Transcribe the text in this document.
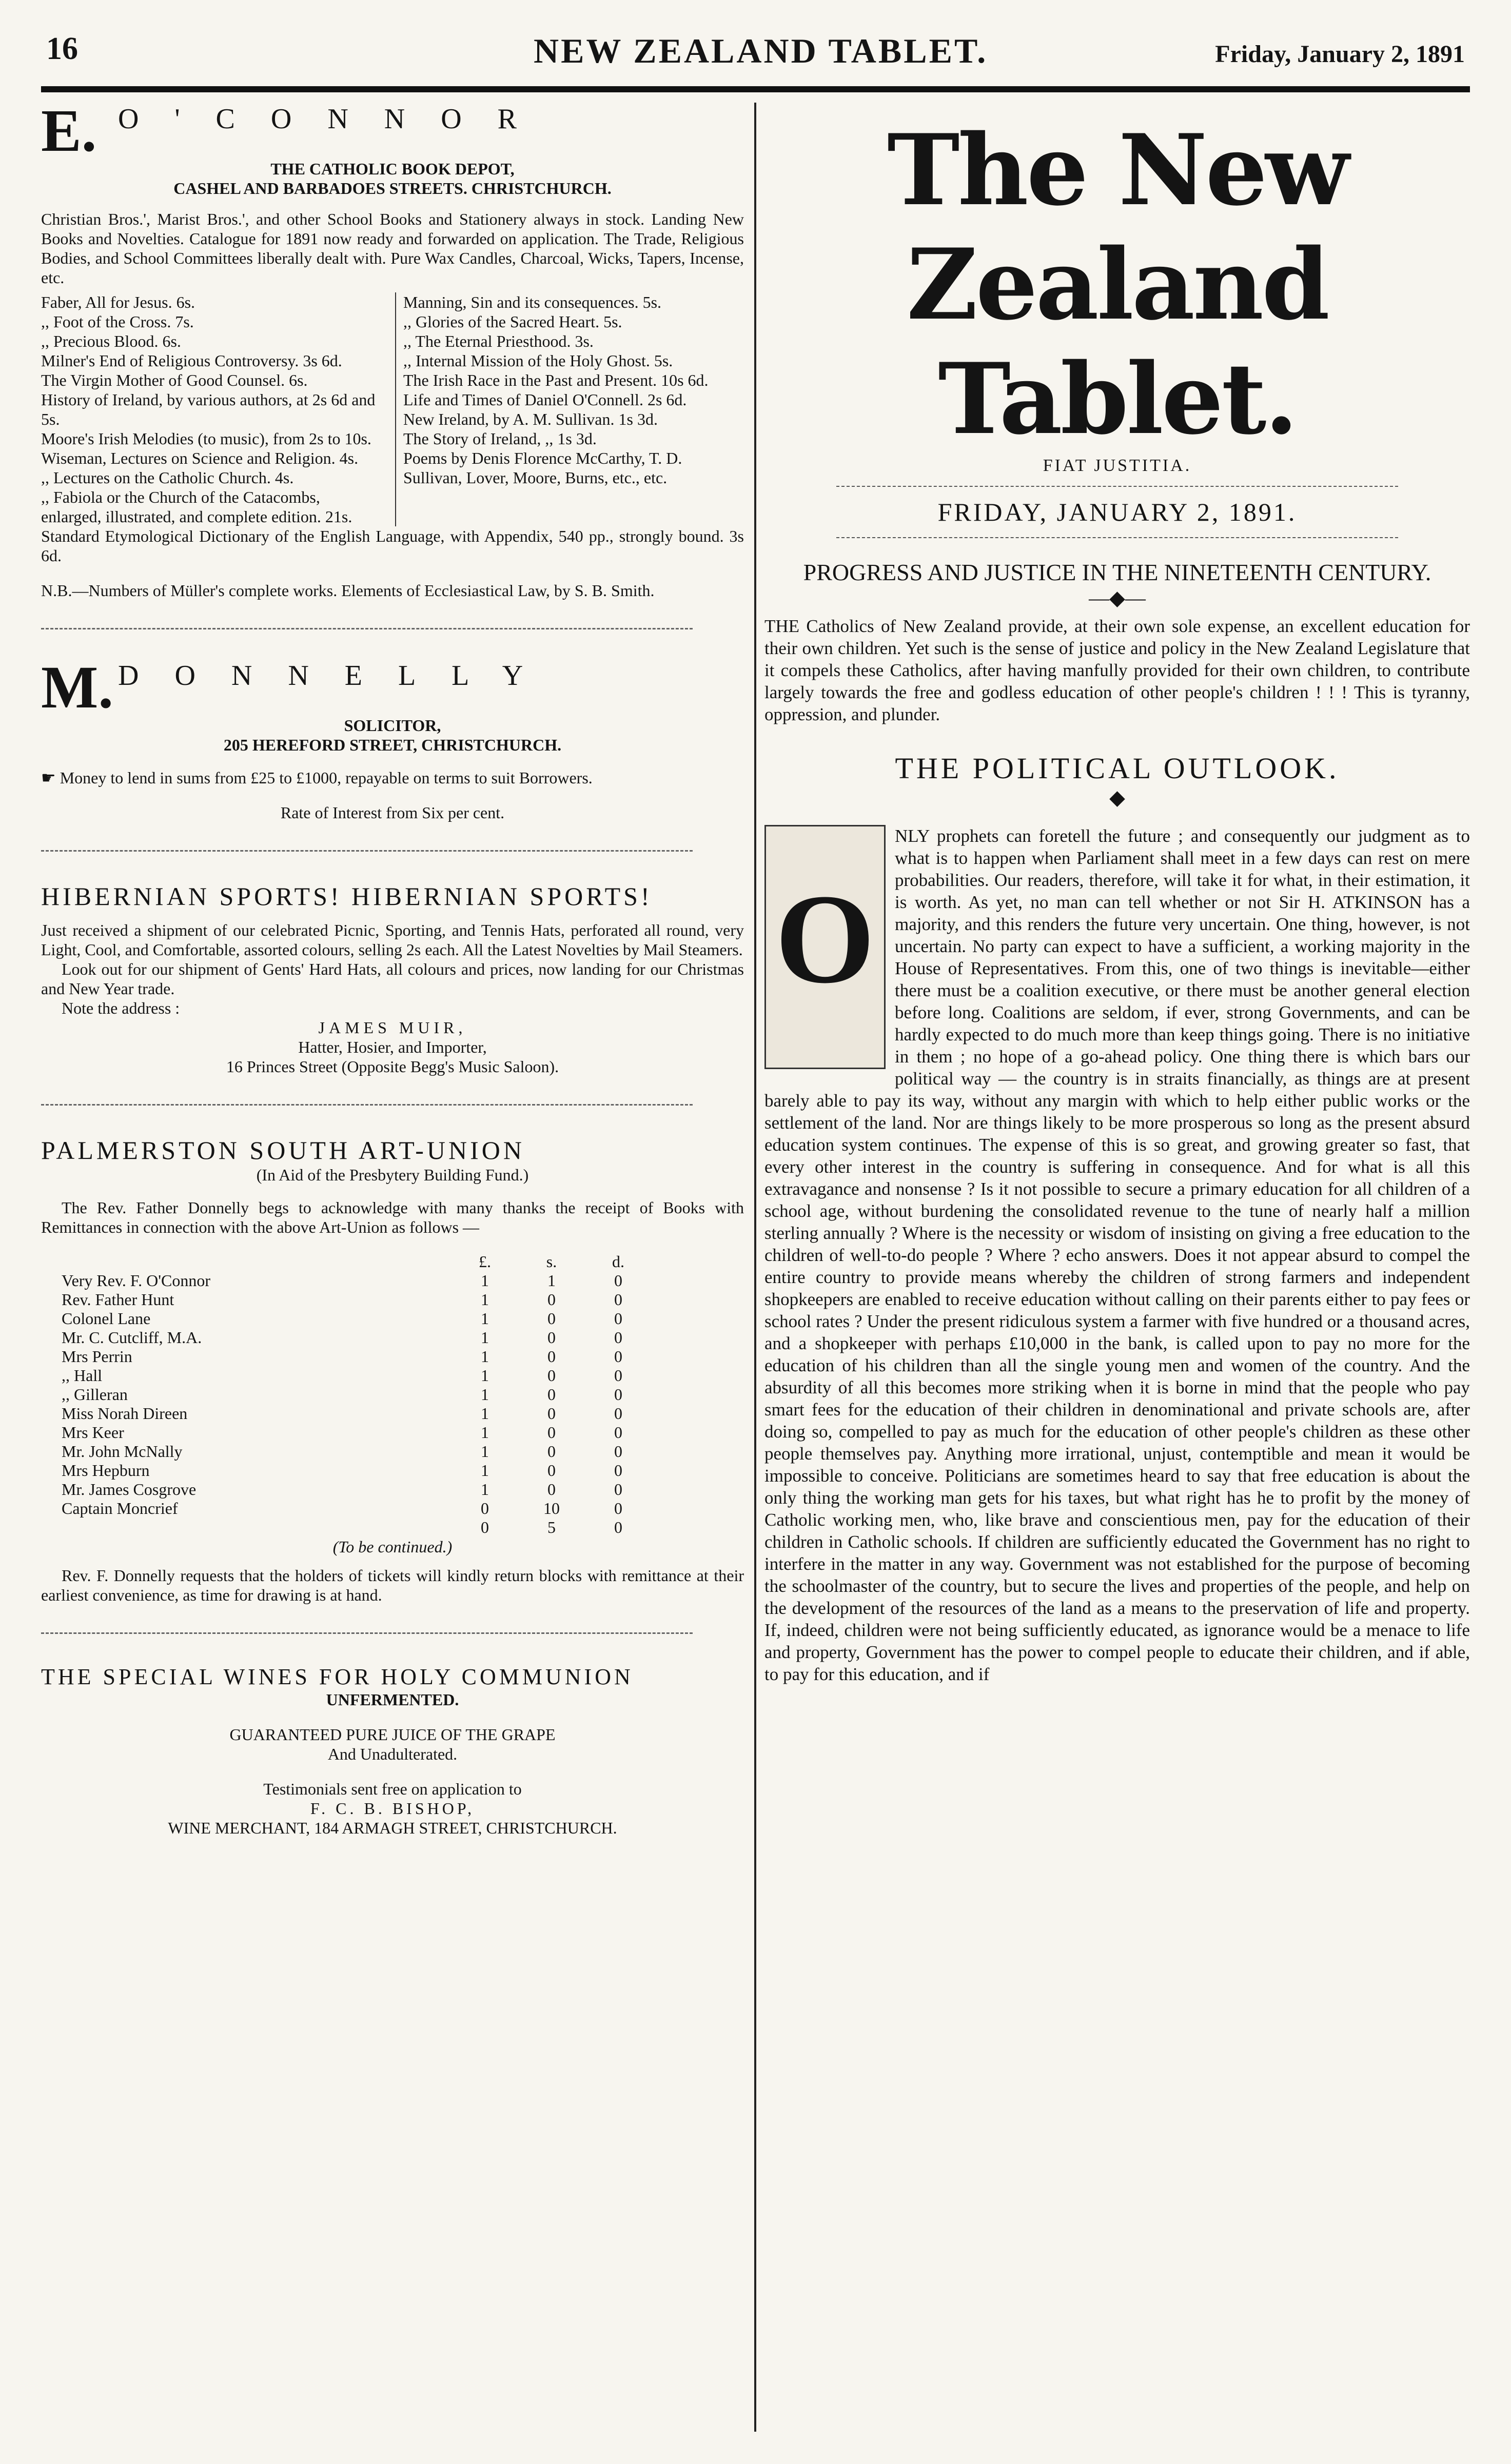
16	NEW ZEALAND TABLET.	Friday, January 2, 1891
E. O'CONNOR

THE CATHOLIC BOOK DEPOT,

CASHEL AND BARBADOES STREETS. CHRISTCHURCH.

Christian Bros.', Marist Bros.', and other School Books and Stationery always in stock. Landing New Books and Novelties. Catalogue for 1891 now ready and forwarded on application. The Trade, Religious Bodies, and School Committees liberally dealt with. Pure Wax Candles, Charcoal, Wicks, Tapers, Incense, etc.

Faber, All for Jesus. 6s.

,, Foot of the Cross. 7s.

,, Precious Blood. 6s.

Milner's End of Religious Controversy. 3s 6d.

The Virgin Mother of Good Counsel. 6s.

History of Ireland, by various authors, at 2s 6d and 5s.

Moore's Irish Melodies (to music), from 2s to 10s.

Wiseman, Lectures on Science and Religion. 4s.

,, Lectures on the Catholic Church. 4s.

,, Fabiola or the Church of the Catacombs, enlarged, illustrated, and complete edition. 21s.

Manning, Sin and its consequences. 5s.

,, Glories of the Sacred Heart. 5s.

,, The Eternal Priesthood. 3s.

,, Internal Mission of the Holy Ghost. 5s.

The Irish Race in the Past and Present. 10s 6d.

Life and Times of Daniel O'Connell. 2s 6d.

New Ireland, by A. M. Sullivan. 1s 3d.

The Story of Ireland, ,, 1s 3d.

Poems by Denis Florence McCarthy, T. D. Sullivan, Lover, Moore, Burns, etc., etc.

Standard Etymological Dictionary of the English Language, with Appendix, 540 pp., strongly bound. 3s 6d.

N.B.—Numbers of Müller's complete works. Elements of Ecclesiastical Law, by S. B. Smith.

M. DONNELLY

SOLICITOR,

205 HEREFORD STREET, CHRISTCHURCH.

☛ Money to lend in sums from £25 to £1000, repayable on terms to suit Borrowers.

Rate of Interest from Six per cent.

HIBERNIAN SPORTS! HIBERNIAN SPORTS!

Just received a shipment of our celebrated Picnic, Sporting, and Tennis Hats, perforated all round, very Light, Cool, and Comfortable, assorted colours, selling 2s each. All the Latest Novelties by Mail Steamers.

Look out for our shipment of Gents' Hard Hats, all colours and prices, now landing for our Christmas and New Year trade.

Note the address :

JAMES MUIR,

Hatter, Hosier, and Importer,

16 Princes Street (Opposite Begg's Music Saloon).

PALMERSTON SOUTH ART-UNION

(In Aid of the Presbytery Building Fund.)

The Rev. Father Donnelly begs to acknowledge with many thanks the receipt of Books with Remittances in connection with the above Art-Union as follows —

£.	s.	d.
Very Rev. F. O'Connor	1	1	0
Rev. Father Hunt	1	0	0
Colonel Lane	1	0	0
Mr. C. Cutcliff, M.A.	1	0	0
Mrs Perrin	1	0	0
,, Hall	1	0	0
,, Gilleran	1	0	0
Miss Norah Direen	1	0	0
Mrs Keer	1	0	0
Mr. John McNally	1	0	0
Mrs Hepburn	1	0	0
Mr. James Cosgrove	1	0	0
Captain Moncrief	0	10	0
0	5	0

(To be continued.)

Rev. F. Donnelly requests that the holders of tickets will kindly return blocks with remittance at their earliest convenience, as time for drawing is at hand.

THE SPECIAL WINES FOR HOLY COMMUNION

UNFERMENTED.

GUARANTEED PURE JUICE OF THE GRAPE

And Unadulterated.

Testimonials sent free on application to

F. C. B. BISHOP,

WINE MERCHANT, 184 ARMAGH STREET, CHRISTCHURCH.

The New Zealand Tablet.

FIAT JUSTITIA.

FRIDAY, JANUARY 2, 1891.

PROGRESS AND JUSTICE IN THE NINETEENTH CENTURY.

—◆—

THE Catholics of New Zealand provide, at their own sole expense, an excellent education for their own children. Yet such is the sense of justice and policy in the New Zealand Legislature that it compels these Catholics, after having manfully provided for their own children, to contribute largely towards the free and godless education of other people's children ! ! ! This is tyranny, oppression, and plunder.

THE POLITICAL OUTLOOK.

◆

O

NLY prophets can foretell the future ; and consequently our judgment as to what is to happen when Parliament shall meet in a few days can rest on mere probabilities. Our readers, therefore, will take it for what, in their estimation, it is worth. As yet, no man can tell whether or not Sir H. ATKINSON has a majority, and this renders the future very uncertain. One thing, however, is not uncertain. No party can expect to have a sufficient, a working majority in the House of Representatives. From this, one of two things is inevitable—either there must be a coalition executive, or there must be another general election before long. Coalitions are seldom, if ever, strong Governments, and can be hardly expected to do much more than keep things going. There is no initiative in them ; no hope of a go-ahead policy. One thing there is which bars our political way — the country is in straits financially, as things are at present barely able to pay its way, without any margin with which to help either public works or the settlement of the land. Nor are things likely to be more prosperous so long as the present absurd education system continues. The expense of this is so great, and growing greater so fast, that every other interest in the country is suffering in consequence. And for what is all this extravagance and nonsense ? Is it not possible to secure a primary education for all children of a school age, without burdening the consolidated revenue to the tune of nearly half a million sterling annually ? Where is the necessity or wisdom of insisting on giving a free education to the children of well-to-do people ? Where ? echo answers. Does it not appear absurd to compel the entire country to provide means whereby the children of strong farmers and independent shopkeepers are enabled to receive education without calling on their parents either to pay fees or school rates ? Under the present ridiculous system a farmer with five hundred or a thousand acres, and a shopkeeper with perhaps £10,000 in the bank, is called upon to pay no more for the education of his children than all the single young men and women of the country. And the absurdity of all this becomes more striking when it is borne in mind that the people who pay smart fees for the education of their children in denominational and private schools are, after doing so, compelled to pay as much for the education of other people's children as these other people themselves pay. Anything more irrational, unjust, contemptible and mean it would be impossible to conceive. Politicians are sometimes heard to say that free education is about the only thing the working man gets for his taxes, but what right has he to profit by the money of Catholic working men, who, like brave and conscientious men, pay for the education of their children in Catholic schools. If children are sufficiently educated the Government has no right to interfere in the matter in any way. Government was not established for the purpose of becoming the schoolmaster of the country, but to secure the lives and properties of the people, and help on the development of the resources of the land as a means to the preservation of life and property. If, indeed, children were not being sufficiently educated, as ignorance would be a menace to life and property, Government has the power to compel people to educate their children, and if able, to pay for this education, and if
